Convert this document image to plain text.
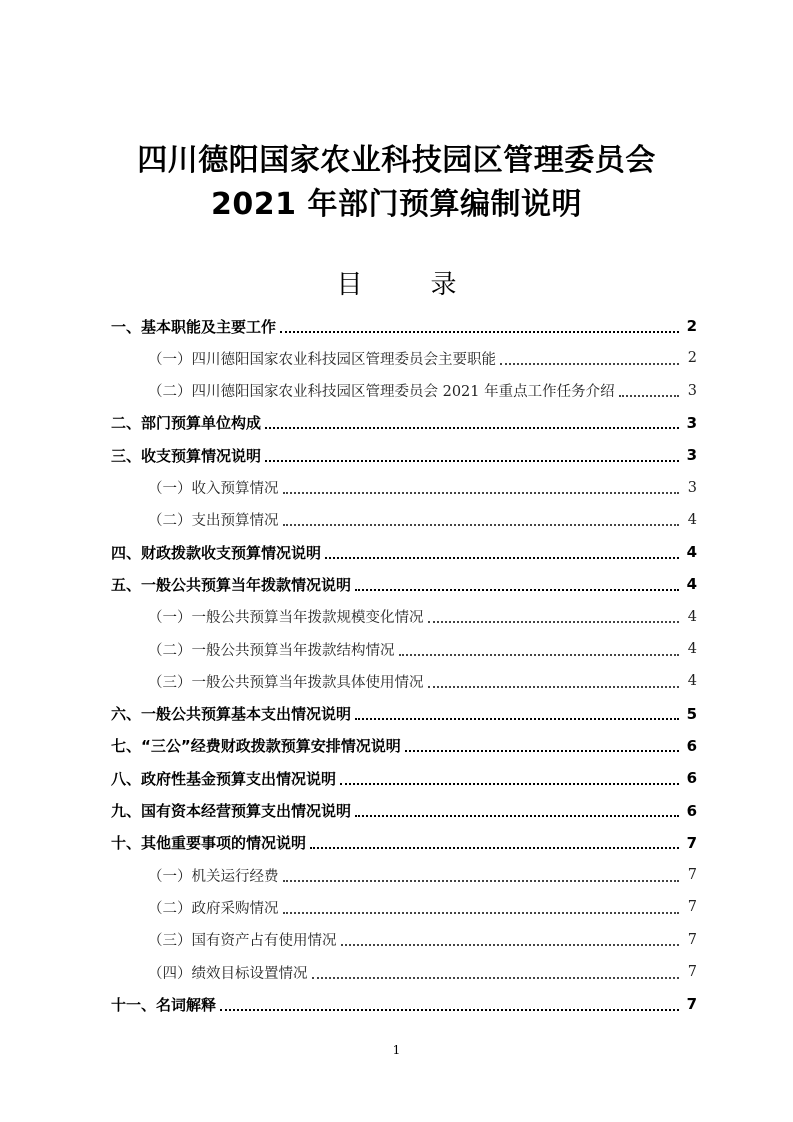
四川德阳国家农业科技园区管理委员会
2021 年部门预算编制说明
目	录
一、基本职能及主要工作	2
（一）四川德阳国家农业科技园区管理委员会主要职能	2
（二）四川德阳国家农业科技园区管理委员会 2021 年重点工作任务介绍	3
二、部门预算单位构成	3
三、收支预算情况说明	3
（一）收入预算情况	3
（二）支出预算情况	4
四、财政拨款收支预算情况说明	4
五、一般公共预算当年拨款情况说明	4
（一）一般公共预算当年拨款规模变化情况	4
（二）一般公共预算当年拨款结构情况	4
（三）一般公共预算当年拨款具体使用情况	4
六、一般公共预算基本支出情况说明	5
七、“三公”经费财政拨款预算安排情况说明	6
八、政府性基金预算支出情况说明	6
九、国有资本经营预算支出情况说明	6
十、其他重要事项的情况说明	7
（一）机关运行经费	7
（二）政府采购情况	7
（三）国有资产占有使用情况	7
（四）绩效目标设置情况	7
十一、名词解释	7
1
